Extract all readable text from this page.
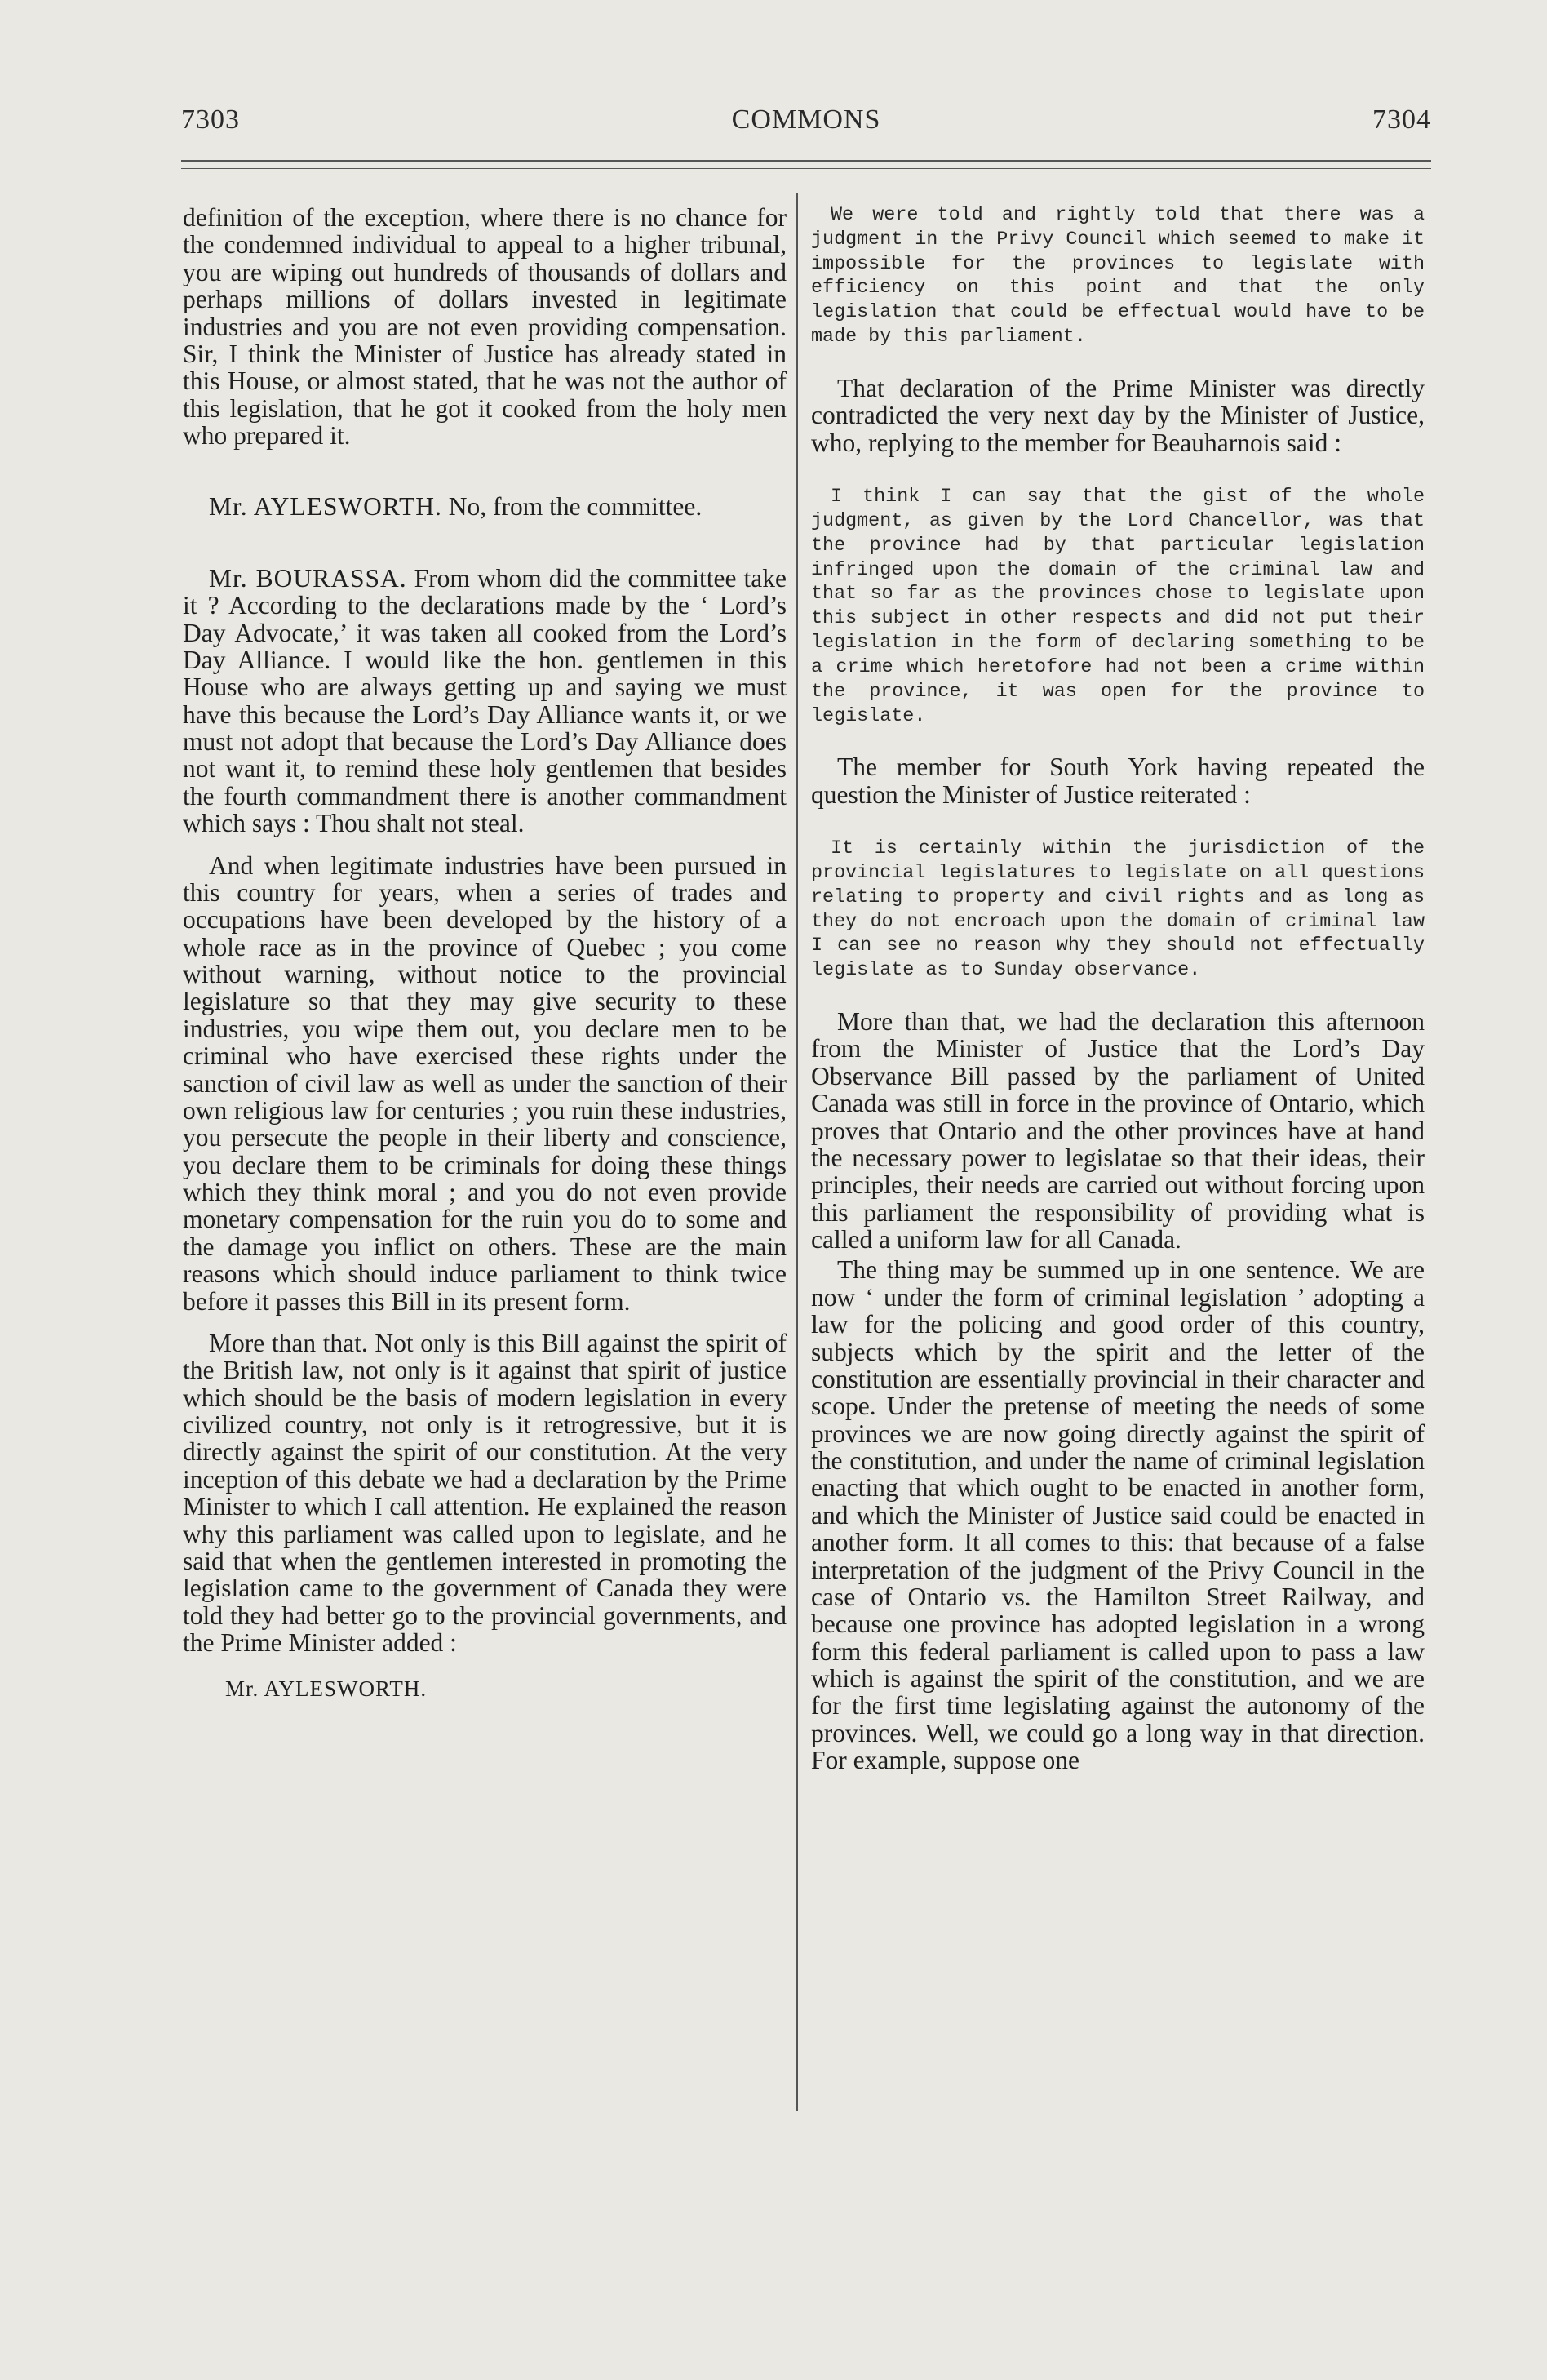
7303	COMMONS	7304

definition of the exception, where there is no chance for the condemned individual to appeal to a higher tribunal, you are wiping out hundreds of thousands of dollars and perhaps millions of dollars invested in legitimate industries and you are not even providing compensation. Sir, I think the Minister of Justice has already stated in this House, or almost stated, that he was not the author of this legislation, that he got it cooked from the holy men who prepared it.

Mr. AYLESWORTH. No, from the committee.

Mr. BOURASSA. From whom did the committee take it ? According to the declarations made by the ‘ Lord’s Day Advocate,’ it was taken all cooked from the Lord’s Day Alliance. I would like the hon. gentlemen in this House who are always getting up and saying we must have this because the Lord’s Day Alliance wants it, or we must not adopt that because the Lord’s Day Alliance does not want it, to remind these holy gentlemen that besides the fourth commandment there is another commandment which says : Thou shalt not steal.

And when legitimate industries have been pursued in this country for years, when a series of trades and occupations have been developed by the history of a whole race as in the province of Quebec ; you come without warning, without notice to the provincial legislature so that they may give security to these industries, you wipe them out, you declare men to be criminal who have exercised these rights under the sanction of civil law as well as under the sanction of their own religious law for centuries ; you ruin these industries, you persecute the people in their liberty and conscience, you declare them to be criminals for doing these things which they think moral ; and you do not even provide monetary compensation for the ruin you do to some and the damage you inflict on others. These are the main reasons which should induce parliament to think twice before it passes this Bill in its present form.

More than that. Not only is this Bill against the spirit of the British law, not only is it against that spirit of justice which should be the basis of modern legislation in every civilized country, not only is it retrogressive, but it is directly against the spirit of our constitution. At the very inception of this debate we had a declaration by the Prime Minister to which I call attention. He explained the reason why this parliament was called upon to legislate, and he said that when the gentlemen interested in promoting the legislation came to the government of Canada they were told they had better go to the provincial governments, and the Prime Minister added :

Mr. AYLESWORTH.

We were told and rightly told that there was a judgment in the Privy Council which seemed to make it impossible for the provinces to legislate with efficiency on this point and that the only legislation that could be effectual would have to be made by this parliament.

That declaration of the Prime Minister was directly contradicted the very next day by the Minister of Justice, who, replying to the member for Beauharnois said :

I think I can say that the gist of the whole judgment, as given by the Lord Chancellor, was that the province had by that particular legislation infringed upon the domain of the criminal law and that so far as the provinces chose to legislate upon this subject in other respects and did not put their legislation in the form of declaring something to be a crime which heretofore had not been a crime within the province, it was open for the province to legislate.

The member for South York having repeated the question the Minister of Justice reiterated :

It is certainly within the jurisdiction of the provincial legislatures to legislate on all questions relating to property and civil rights and as long as they do not encroach upon the domain of criminal law I can see no reason why they should not effectually legislate as to Sunday observance.

More than that, we had the declaration this afternoon from the Minister of Justice that the Lord’s Day Observance Bill passed by the parliament of United Canada was still in force in the province of Ontario, which proves that Ontario and the other provinces have at hand the necessary power to legislatae so that their ideas, their principles, their needs are carried out without forcing upon this parliament the responsibility of providing what is called a uniform law for all Canada.

The thing may be summed up in one sentence. We are now ‘ under the form of criminal legislation ’ adopting a law for the policing and good order of this country, subjects which by the spirit and the letter of the constitution are essentially provincial in their character and scope. Under the pretense of meeting the needs of some provinces we are now going directly against the spirit of the constitution, and under the name of criminal legislation enacting that which ought to be enacted in another form, and which the Minister of Justice said could be enacted in another form. It all comes to this: that because of a false interpretation of the judgment of the Privy Council in the case of Ontario vs. the Hamilton Street Railway, and because one province has adopted legislation in a wrong form this federal parliament is called upon to pass a law which is against the spirit of the constitution, and we are for the first time legislating against the autonomy of the provinces. Well, we could go a long way in that direction. For example, suppose one
